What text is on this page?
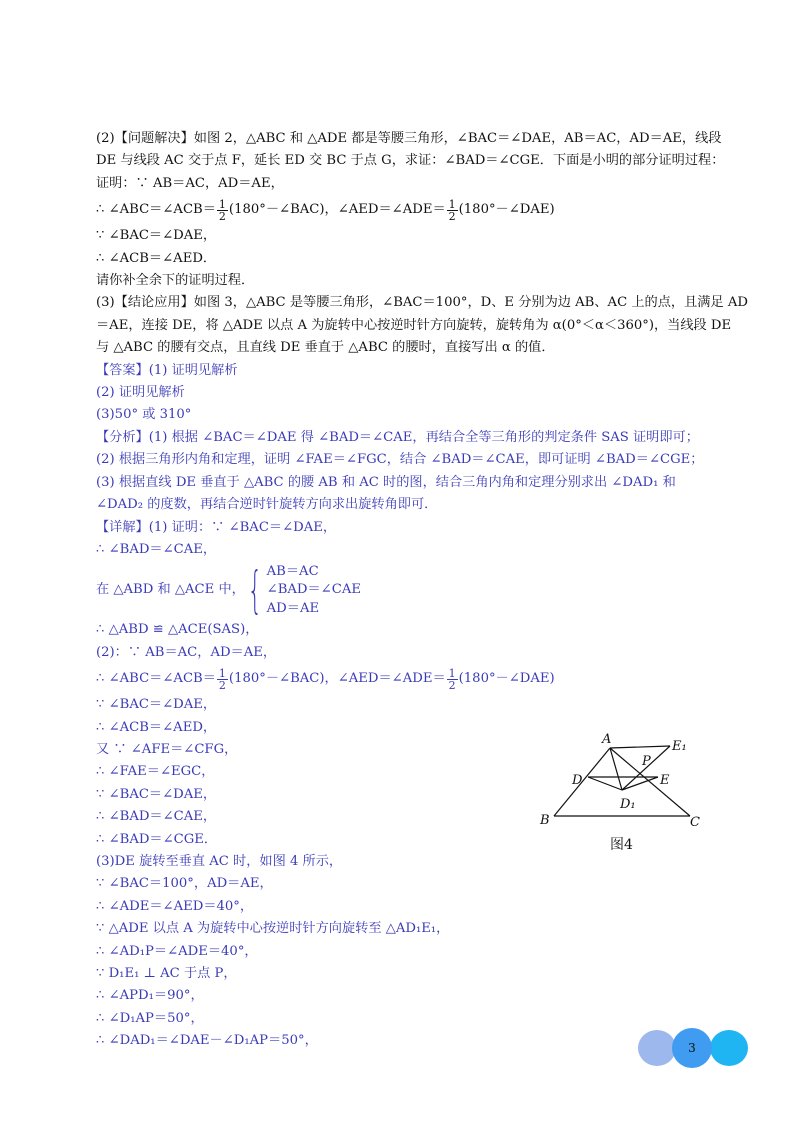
(2)【问题解决】如图 2，△ABC 和 △ADE 都是等腰三角形，∠BAC＝∠DAE，AB＝AC，AD＝AE，线段
DE 与线段 AC 交于点 F，延长 ED 交 BC 于点 G，求证：∠BAD＝∠CGE．下面是小明的部分证明过程：
证明：∵ AB＝AC，AD＝AE，
∴ ∠ABC＝∠ACB＝ $\frac{1}{2}$ (180°－∠BAC)，∠AED＝∠ADE＝ $\frac{1}{2}$ (180°－∠DAE)
∵ ∠BAC＝∠DAE，
∴ ∠ACB＝∠AED．
请你补全余下的证明过程．
(3)【结论应用】如图 3，△ABC 是等腰三角形，∠BAC＝100°，D、E 分别为边 AB、AC 上的点，且满足 AD
＝AE，连接 DE，将 △ADE 以点 A 为旋转中心按逆时针方向旋转，旋转角为 α(0°＜α＜360°)，当线段 DE
与 △ABC 的腰有交点，且直线 DE 垂直于 △ABC 的腰时，直接写出 α 的值．
【答案】(1) 证明见解析
(2) 证明见解析
(3)50° 或 310°
【分析】(1) 根据 ∠BAC＝∠DAE 得 ∠BAD＝∠CAE，再结合全等三角形的判定条件 SAS 证明即可；
(2) 根据三角形内角和定理，证明 ∠FAE＝∠FGC，结合 ∠BAD＝∠CAE，即可证明 ∠BAD＝∠CGE；
(3) 根据直线 DE 垂直于 △ABC 的腰 AB 和 AC 时的图，结合三角内角和定理分别求出 ∠DAD₁ 和
∠DAD₂ 的度数，再结合逆时针旋转方向求出旋转角即可．
【详解】(1) 证明：∵ ∠BAC＝∠DAE，
∴ ∠BAD＝∠CAE，
在 △ABD 和 △ACE 中， { AB＝AC
∠BAD＝∠CAE
AD＝AE
∴ △ABD ≌ △ACE(SAS)，
(2)：∵ AB＝AC，AD＝AE，
∴ ∠ABC＝∠ACB＝ $\frac{1}{2}$ (180°－∠BAC)，∠AED＝∠ADE＝ $\frac{1}{2}$ (180°－∠DAE)
∵ ∠BAC＝∠DAE，
∴ ∠ACB＝∠AED，
又 ∵ ∠AFE＝∠CFG，
∴ ∠FAE＝∠EGC，
∵ ∠BAC＝∠DAE，
∴ ∠BAD＝∠CAE，
∴ ∠BAD＝∠CGE．
(3)DE 旋转至垂直 AC 时，如图 4 所示，
∵ ∠BAC＝100°，AD＝AE，
∴ ∠ADE＝∠AED＝40°，
∵ △ADE 以点 A 为旋转中心按逆时针方向旋转至 △AD₁E₁，
∴ ∠AD₁P＝∠ADE＝40°，
∵ D₁E₁ ⊥ AC 于点 P，
∴ ∠APD₁＝90°，
∴ ∠D₁AP＝50°，
∴ ∠DAD₁＝∠DAE－∠D₁AP＝50°，
A	E₁
P
D	E
D₁
B	C
图4
3
